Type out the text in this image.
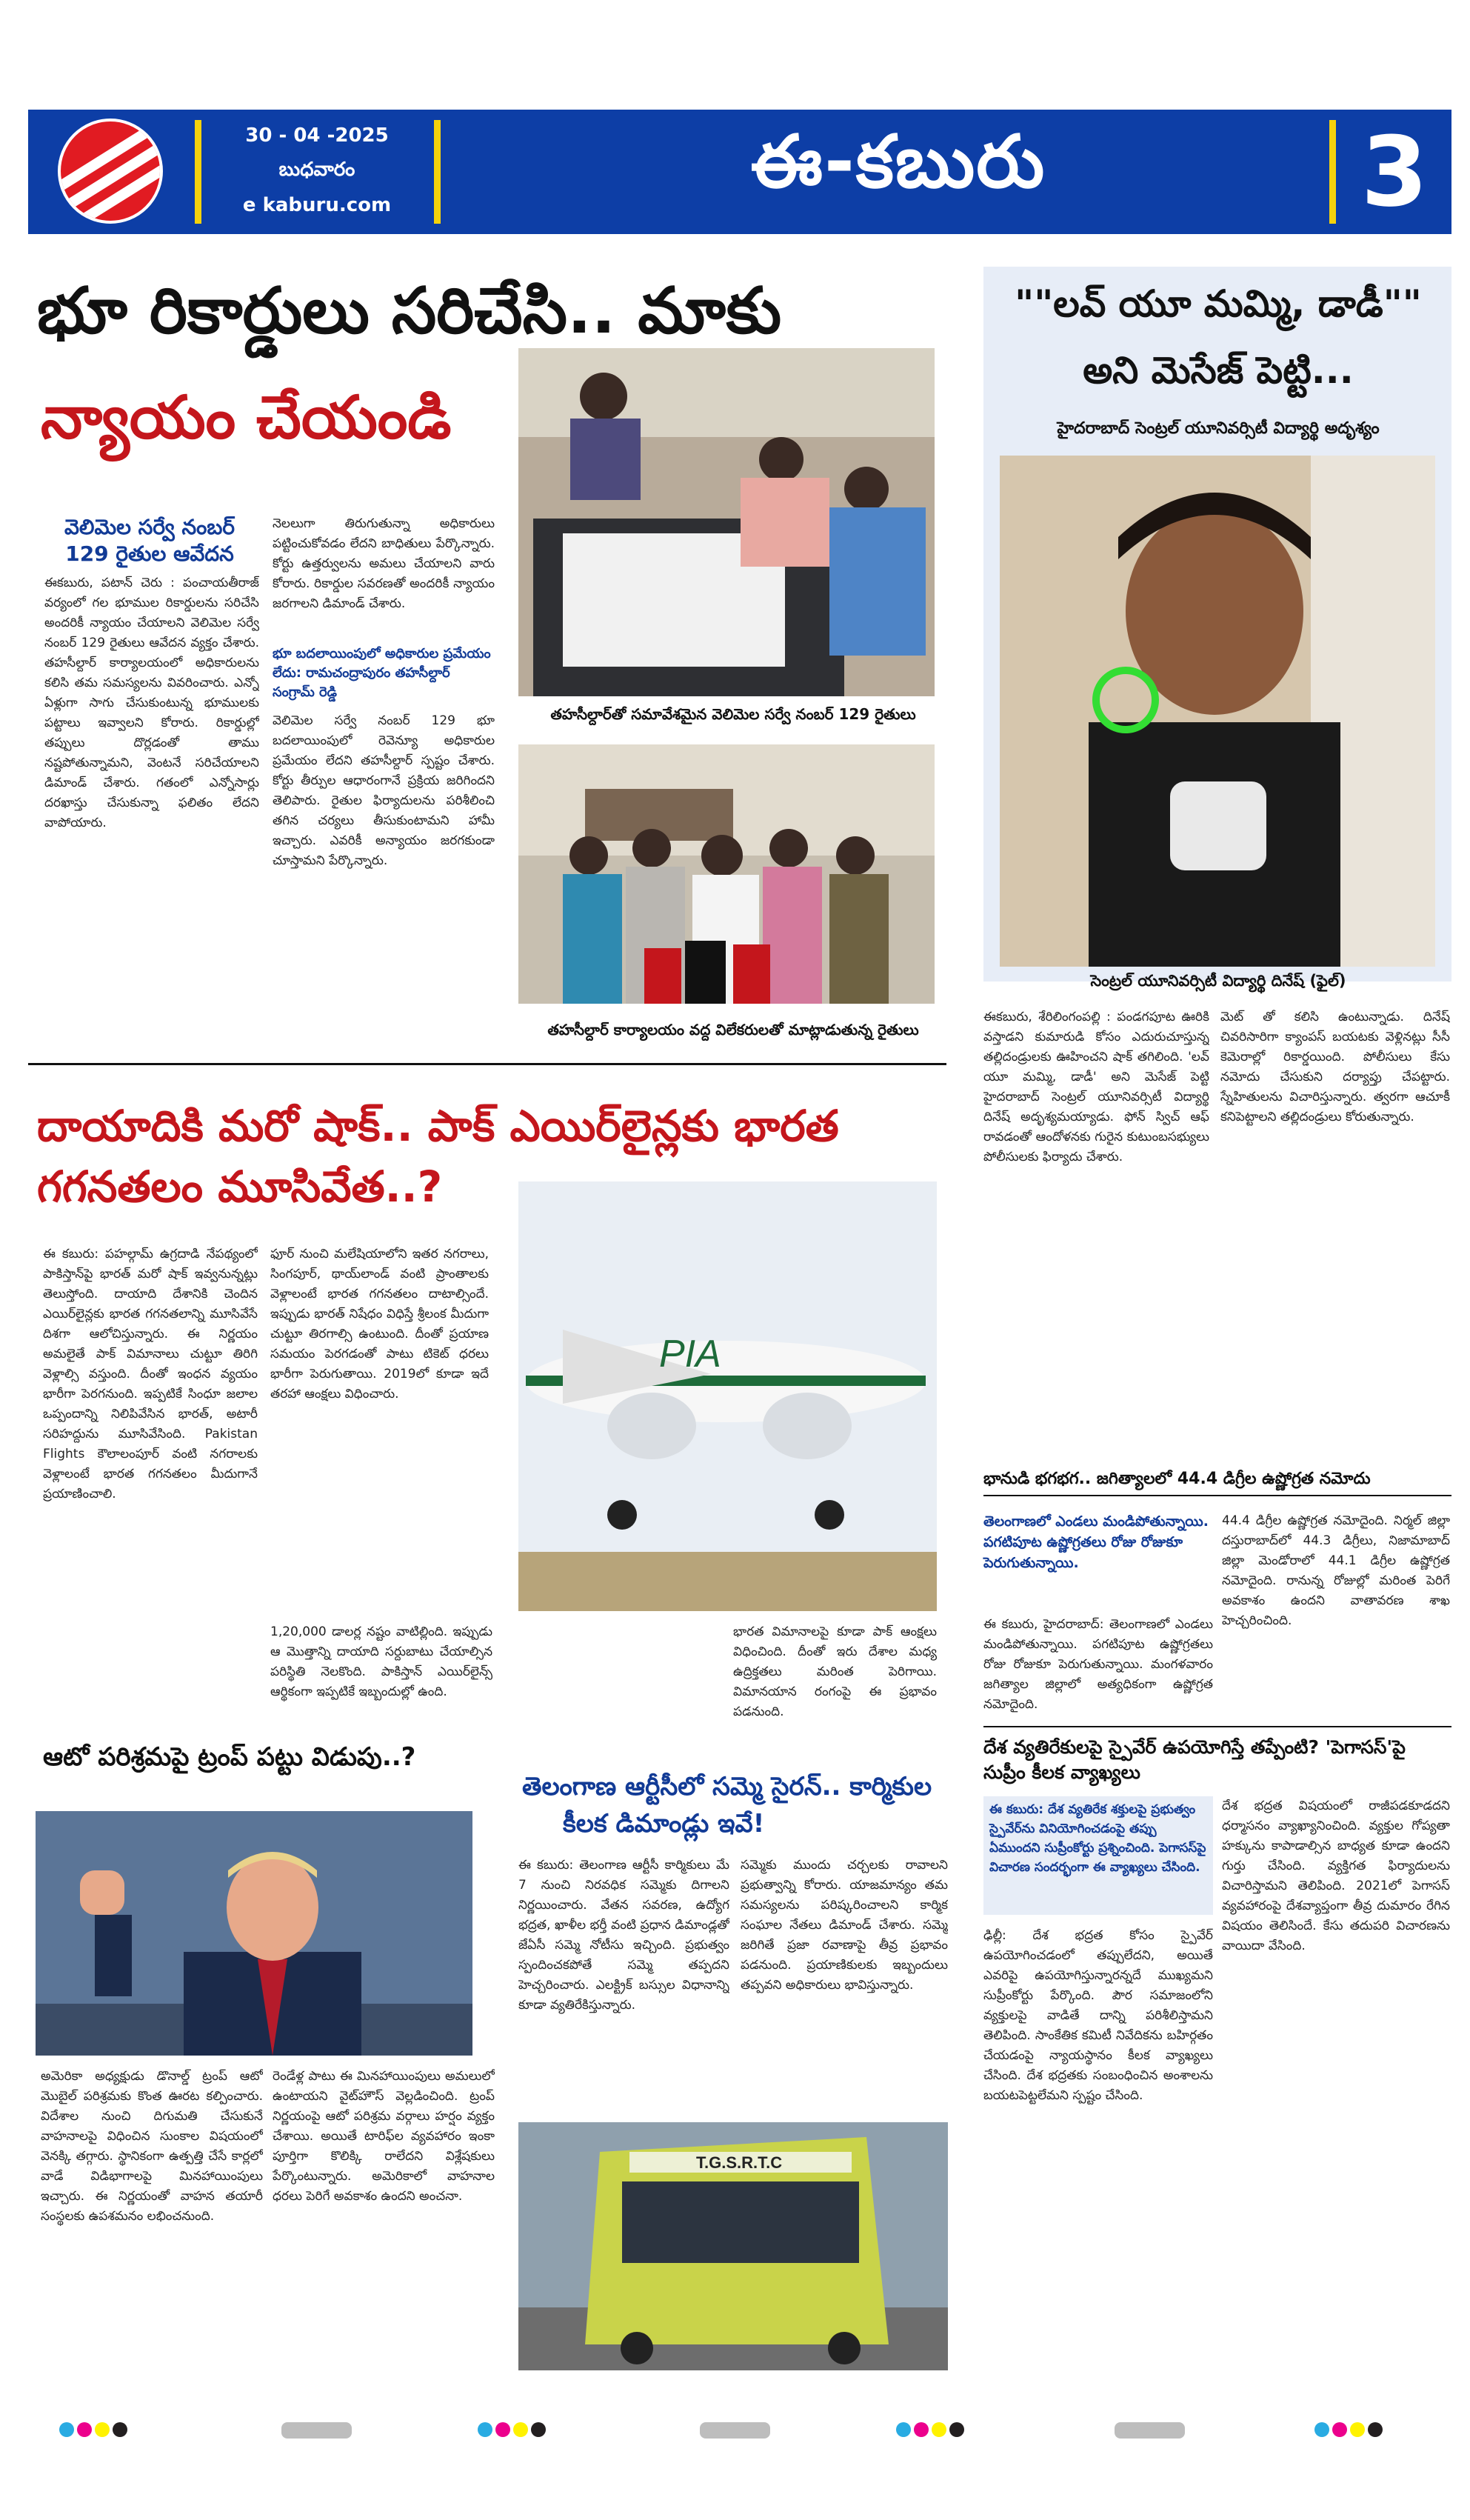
30 - 04 -2025
బుధవారం
e kaburu.com
ఈ-కబురు	3
భూ రికార్డులు సరిచేసి.. మాకు
న్యాయం చేయండి
వెలిమెల సర్వే నంబర్ 129 రైతుల ఆవేదన
ఈకబురు, పటాన్ చెరు : పంచాయతీరాజ్ వర్యంలో గల భూముల రికార్డులను సరిచేసి అందరికీ న్యాయం చేయాలని వెలిమెల సర్వే నంబర్ 129 రైతులు ఆవేదన వ్యక్తం చేశారు. తహసీల్దార్ కార్యాలయంలో అధికారులను కలిసి తమ సమస్యలను వివరించారు. ఎన్నో ఏళ్లుగా సాగు చేసుకుంటున్న భూములకు పట్టాలు ఇవ్వాలని కోరారు. రికార్డుల్లో తప్పులు దొర్లడంతో తాము నష్టపోతున్నామని, వెంటనే సరిచేయాలని డిమాండ్ చేశారు. గతంలో ఎన్నోసార్లు దరఖాస్తు చేసుకున్నా ఫలితం లేదని వాపోయారు.
నెలలుగా తిరుగుతున్నా అధికారులు పట్టించుకోవడం లేదని బాధితులు పేర్కొన్నారు. కోర్టు ఉత్తర్వులను అమలు చేయాలని వారు కోరారు. రికార్డుల సవరణతో అందరికీ న్యాయం జరగాలని డిమాండ్ చేశారు.
భూ బదలాయింపులో అధికారుల ప్రమేయం లేదు: రామచంద్రాపురం తహసీల్దార్ సంగ్రామ్ రెడ్డి
వెలిమెల సర్వే నంబర్ 129 భూ బదలాయింపులో రెవెన్యూ అధికారుల ప్రమేయం లేదని తహసీల్దార్ స్పష్టం చేశారు. కోర్టు తీర్పుల ఆధారంగానే ప్రక్రియ జరిగిందని తెలిపారు. రైతుల ఫిర్యాదులను పరిశీలించి తగిన చర్యలు తీసుకుంటామని హామీ ఇచ్చారు. ఎవరికీ అన్యాయం జరగకుండా చూస్తామని పేర్కొన్నారు.
తహసీల్దార్‌తో సమావేశమైన వెలిమెల సర్వే నంబర్ 129 రైతులు
తహసీల్దార్ కార్యాలయం వద్ద విలేకరులతో మాట్లాడుతున్న రైతులు
దాయాదికి మరో షాక్.. పాక్ ఎయిర్‌లైన్లకు భారత
గగనతలం మూసివేత..?
ఈ కబురు: పహల్గామ్ ఉగ్రదాడి నేపథ్యంలో పాకిస్తాన్‌పై భారత్ మరో షాక్ ఇవ్వనున్నట్లు తెలుస్తోంది. దాయాది దేశానికి చెందిన ఎయిర్‌లైన్లకు భారత గగనతలాన్ని మూసివేసే దిశగా ఆలోచిస్తున్నారు. ఈ నిర్ణయం అమలైతే పాక్ విమానాలు చుట్టూ తిరిగి వెళ్లాల్సి వస్తుంది. దీంతో ఇంధన వ్యయం భారీగా పెరగనుంది. ఇప్పటికే సింధూ జలాల ఒప్పందాన్ని నిలిపివేసిన భారత్, అటారీ సరిహద్దును మూసివేసింది. Pakistan Flights కౌలాలంపూర్ వంటి నగరాలకు వెళ్లాలంటే భారత గగనతలం మీదుగానే ప్రయాణించాలి.
ఫూర్ నుంచి మలేషియాలోని ఇతర నగరాలు, సింగపూర్, థాయ్‌లాండ్ వంటి ప్రాంతాలకు వెళ్లాలంటే భారత గగనతలం దాటాల్సిందే. ఇప్పుడు భారత్ నిషేధం విధిస్తే శ్రీలంక మీదుగా చుట్టూ తిరగాల్సి ఉంటుంది. దీంతో ప్రయాణ సమయం పెరగడంతో పాటు టికెట్ ధరలు భారీగా పెరుగుతాయి. 2019లో కూడా ఇదే తరహా ఆంక్షలు విధించారు.
PIA
1,20,000 డాలర్ల నష్టం వాటిల్లింది. ఇప్పుడు ఆ మొత్తాన్ని దాయాది సర్దుబాటు చేయాల్సిన పరిస్థితి నెలకొంది. పాకిస్తాన్ ఎయిర్‌లైన్స్ ఆర్థికంగా ఇప్పటికే ఇబ్బందుల్లో ఉంది.
భారత విమానాలపై కూడా పాక్ ఆంక్షలు విధించింది. దీంతో ఇరు దేశాల మధ్య ఉద్రిక్తతలు మరింత పెరిగాయి. విమానయాన రంగంపై ఈ ప్రభావం పడనుంది.
ఆటో పరిశ్రమపై ట్రంప్ పట్టు విడుపు..?
అమెరికా అధ్యక్షుడు డొనాల్డ్ ట్రంప్ ఆటో మొబైల్ పరిశ్రమకు కొంత ఊరట కల్పించారు. విదేశాల నుంచి దిగుమతి చేసుకునే వాహనాలపై విధించిన సుంకాల విషయంలో వెనక్కి తగ్గారు. స్థానికంగా ఉత్పత్తి చేసే కార్లలో వాడే విడిభాగాలపై మినహాయింపులు ఇచ్చారు. ఈ నిర్ణయంతో వాహన తయారీ సంస్థలకు ఉపశమనం లభించనుంది.
రెండేళ్ల పాటు ఈ మినహాయింపులు అమలులో ఉంటాయని వైట్‌హౌస్ వెల్లడించింది. ట్రంప్ నిర్ణయంపై ఆటో పరిశ్రమ వర్గాలు హర్షం వ్యక్తం చేశాయి. అయితే టారిఫ్‌ల వ్యవహారం ఇంకా పూర్తిగా కొలిక్కి రాలేదని విశ్లేషకులు పేర్కొంటున్నారు. అమెరికాలో వాహనాల ధరలు పెరిగే అవకాశం ఉందని అంచనా.
తెలంగాణ ఆర్టీసీలో సమ్మె సైరన్.. కార్మికుల
కీలక డిమాండ్లు ఇవే!
ఈ కబురు: తెలంగాణ ఆర్టీసీ కార్మికులు మే 7 నుంచి నిరవధిక సమ్మెకు దిగాలని నిర్ణయించారు. వేతన సవరణ, ఉద్యోగ భద్రత, ఖాళీల భర్తీ వంటి ప్రధాన డిమాండ్లతో జేఏసీ సమ్మె నోటీసు ఇచ్చింది. ప్రభుత్వం స్పందించకపోతే సమ్మె తప్పదని హెచ్చరించారు. ఎలక్ట్రిక్ బస్సుల విధానాన్ని కూడా వ్యతిరేకిస్తున్నారు.
సమ్మెకు ముందు చర్చలకు రావాలని ప్రభుత్వాన్ని కోరారు. యాజమాన్యం తమ సమస్యలను పరిష్కరించాలని కార్మిక సంఘాల నేతలు డిమాండ్ చేశారు. సమ్మె జరిగితే ప్రజా రవాణాపై తీవ్ర ప్రభావం పడనుంది. ప్రయాణికులకు ఇబ్బందులు తప్పవని అధికారులు భావిస్తున్నారు.
T.G.S.R.T.C
""లవ్ యూ మమ్మి, డాడీ""
అని మెసేజ్ పెట్టి...
హైదరాబాద్ సెంట్రల్ యూనివర్సిటీ విద్యార్థి అదృశ్యం
సెంట్రల్ యూనివర్సిటీ విద్యార్థి దినేష్ (ఫైల్)
ఈకబురు, శేరిలింగంపల్లి : పండగపూట ఊరికి వస్తాడని కుమారుడి కోసం ఎదురుచూస్తున్న తల్లిదండ్రులకు ఊహించని షాక్ తగిలింది. 'లవ్ యూ మమ్మి, డాడీ' అని మెసేజ్ పెట్టి హైదరాబాద్ సెంట్రల్ యూనివర్సిటీ విద్యార్థి దినేష్ అదృశ్యమయ్యాడు. ఫోన్ స్విచ్ ఆఫ్ రావడంతో ఆందోళనకు గురైన కుటుంబసభ్యులు పోలీసులకు ఫిర్యాదు చేశారు.
మెట్ తో కలిసి ఉంటున్నాడు. దినేష్ చివరిసారిగా క్యాంపస్ బయటకు వెళ్లినట్లు సీసీ కెమెరాల్లో రికార్డయింది. పోలీసులు కేసు నమోదు చేసుకుని దర్యాప్తు చేపట్టారు. స్నేహితులను విచారిస్తున్నారు. త్వరగా ఆచూకీ కనిపెట్టాలని తల్లిదండ్రులు కోరుతున్నారు.
భానుడి భగభగ.. జగిత్యాలలో 44.4 డిగ్రీల ఉష్ణోగ్రత నమోదు
తెలంగాణలో ఎండలు మండిపోతున్నాయి. పగటిపూట ఉష్ణోగ్రతలు రోజు రోజుకూ పెరుగుతున్నాయి.
ఈ కబురు, హైదరాబాద్: తెలంగాణలో ఎండలు మండిపోతున్నాయి. పగటిపూట ఉష్ణోగ్రతలు రోజు రోజుకూ పెరుగుతున్నాయి. మంగళవారం జగిత్యాల జిల్లాలో అత్యధికంగా ఉష్ణోగ్రత నమోదైంది.
44.4 డిగ్రీల ఉష్ణోగ్రత నమోదైంది. నిర్మల్ జిల్లా దస్తురాబాద్‌లో 44.3 డిగ్రీలు, నిజామాబాద్ జిల్లా మెండోరాలో 44.1 డిగ్రీల ఉష్ణోగ్రత నమోదైంది. రానున్న రోజుల్లో మరింత పెరిగే అవకాశం ఉందని వాతావరణ శాఖ హెచ్చరించింది.
దేశ వ్యతిరేకులపై స్పైవేర్ ఉపయోగిస్తే తప్పేంటి? 'పెగాసస్'పై సుప్రీం కీలక వ్యాఖ్యలు
ఈ కబురు: దేశ వ్యతిరేక శక్తులపై ప్రభుత్వం స్పైవేర్‌ను వినియోగించడంపై తప్పు ఏముందని సుప్రీంకోర్టు ప్రశ్నించింది. పెగాసస్‌పై విచారణ సందర్భంగా ఈ వ్యాఖ్యలు చేసింది.
ఢిల్లీ: దేశ భద్రత కోసం స్పైవేర్ ఉపయోగించడంలో తప్పులేదని, అయితే ఎవరిపై ఉపయోగిస్తున్నారన్నదే ముఖ్యమని సుప్రీంకోర్టు పేర్కొంది. పౌర సమాజంలోని వ్యక్తులపై వాడితే దాన్ని పరిశీలిస్తామని తెలిపింది. సాంకేతిక కమిటీ నివేదికను బహిర్గతం చేయడంపై న్యాయస్థానం కీలక వ్యాఖ్యలు చేసింది. దేశ భద్రతకు సంబంధించిన అంశాలను బయటపెట్టలేమని స్పష్టం చేసింది.
దేశ భద్రత విషయంలో రాజీపడకూడదని ధర్మాసనం వ్యాఖ్యానించింది. వ్యక్తుల గోప్యతా హక్కును కాపాడాల్సిన బాధ్యత కూడా ఉందని గుర్తు చేసింది. వ్యక్తిగత ఫిర్యాదులను విచారిస్తామని తెలిపింది. 2021లో పెగాసస్ వ్యవహారంపై దేశవ్యాప్తంగా తీవ్ర దుమారం రేగిన విషయం తెలిసిందే. కేసు తదుపరి విచారణను వాయిదా వేసింది.
